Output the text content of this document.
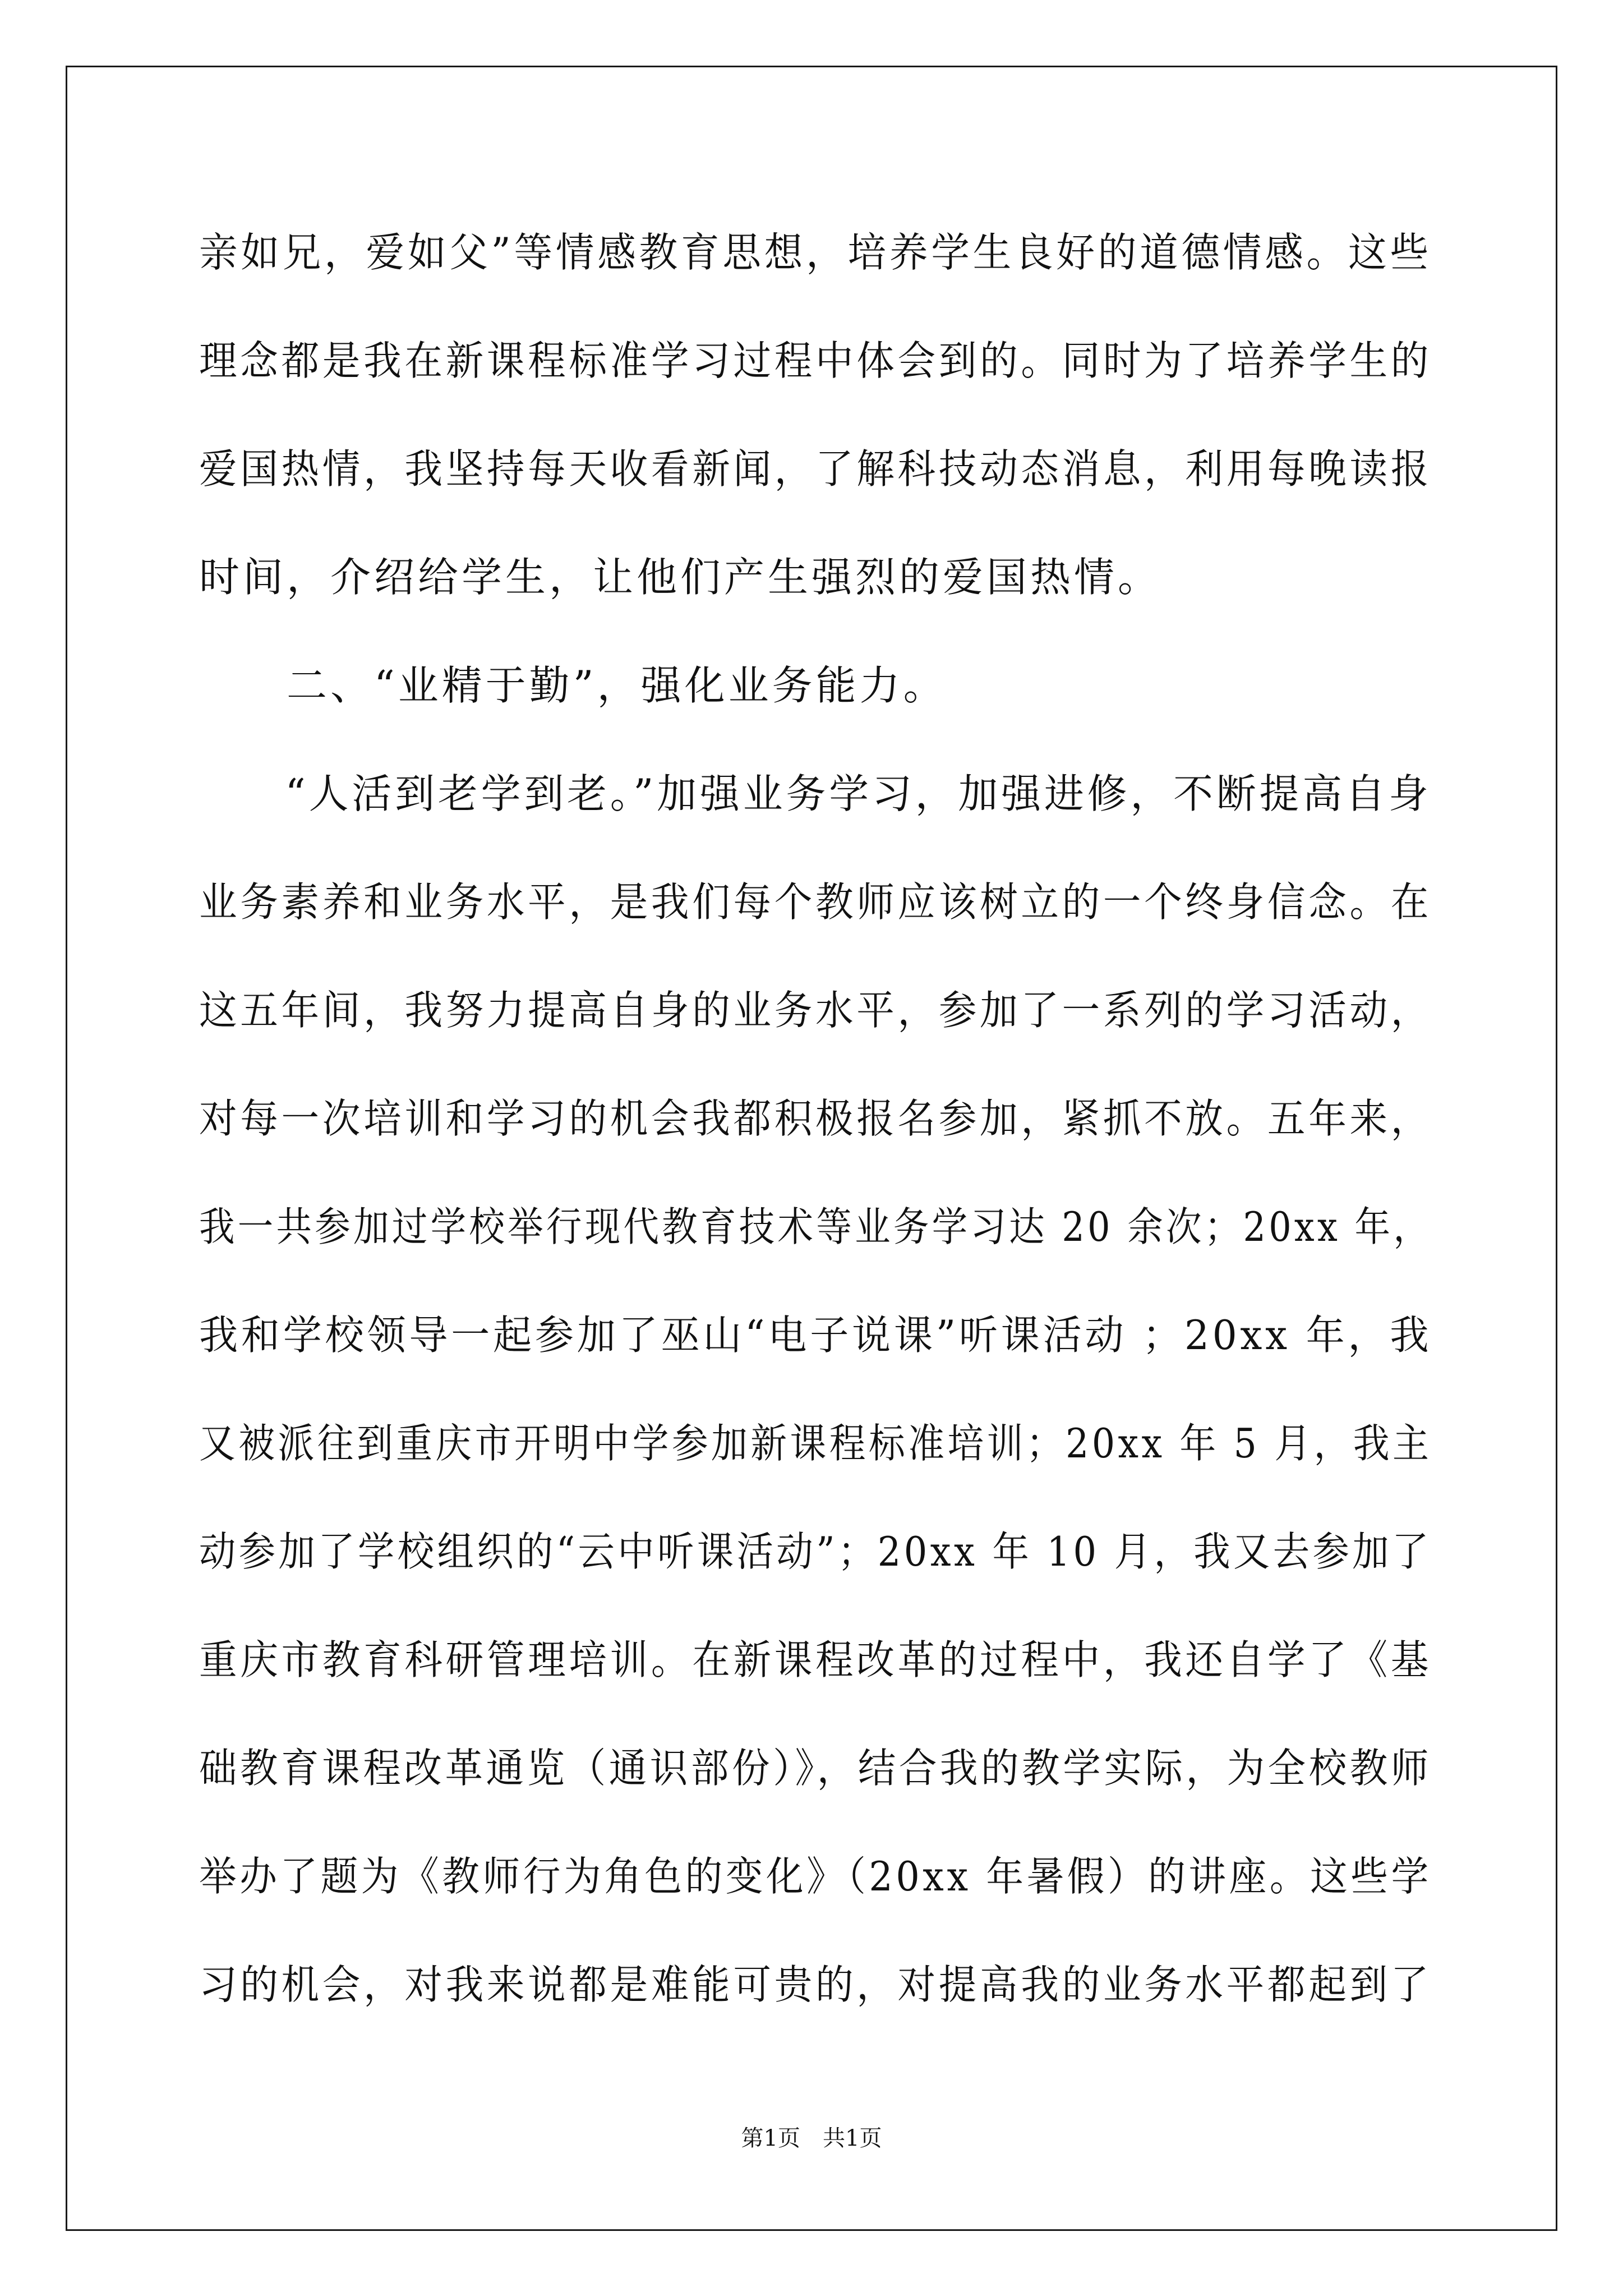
亲如兄，爱如父”等情感教育思想，培养学生良好的道德情感。这些
理念都是我在新课程标准学习过程中体会到的。同时为了培养学生的
爱国热情，我坚持每天收看新闻，了解科技动态消息，利用每晚读报
时间，介绍给学生，让他们产生强烈的爱国热情。
　　二、“业精于勤”，强化业务能力。
　　“人活到老学到老。”加强业务学习，加强进修，不断提高自身
业务素养和业务水平，是我们每个教师应该树立的一个终身信念。在
这五年间，我努力提高自身的业务水平，参加了一系列的学习活动，
对每一次培训和学习的机会我都积极报名参加，紧抓不放。五年来，
我一共参加过学校举行现代教育技术等业务学习达 20 余次；20xx 年，
我和学校领导一起参加了巫山“电子说课”听课活动 ；20xx 年，我
又被派往到重庆市开明中学参加新课程标准培训；20xx 年 5 月，我主
动参加了学校组织的“云中听课活动”；20xx 年 10 月，我又去参加了
重庆市教育科研管理培训。在新课程改革的过程中，我还自学了《基
础教育课程改革通览（通识部份）》，结合我的教学实际，为全校教师
举办了题为《教师行为角色的变化》（20xx 年暑假）的讲座。这些学
习的机会，对我来说都是难能可贵的，对提高我的业务水平都起到了
第1页　共1页
